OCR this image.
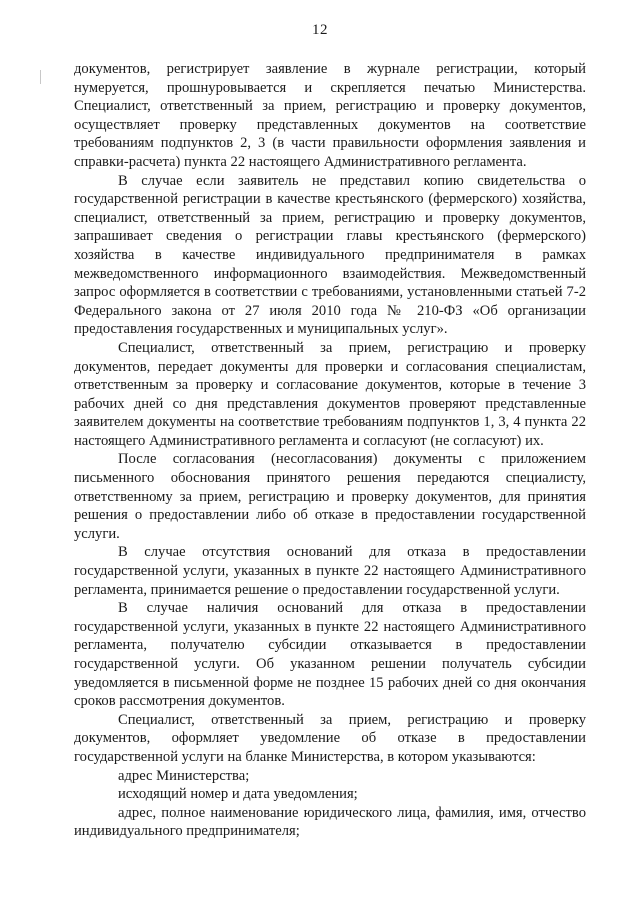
12

документов, регистрирует заявление в журнале регистрации, который нумеруется, прошнуровывается и скрепляется печатью Министерства. Специалист, ответственный за прием, регистрацию и проверку документов, осуществляет проверку представленных документов на соответствие требованиям подпунктов 2, 3 (в части правильности оформления заявления и справки-расчета) пункта 22 настоящего Административного регламента.

В случае если заявитель не представил копию свидетельства о государственной регистрации в качестве крестьянского (фермерского) хозяйства, специалист, ответственный за прием, регистрацию и проверку документов, запрашивает сведения о регистрации главы крестьянского (фермерского) хозяйства в качестве индивидуального предпринимателя в рамках межведомственного информационного взаимодействия. Межведомственный запрос оформляется в соответствии с требованиями, установленными статьей 7-2 Федерального закона от 27 июля 2010 года № 210-ФЗ «Об организации предоставления государственных и муниципальных услуг».

Специалист, ответственный за прием, регистрацию и проверку документов, передает документы для проверки и согласования специалистам, ответственным за проверку и согласование документов, которые в течение 3 рабочих дней со дня представления документов проверяют представленные заявителем документы на соответствие требованиям подпунктов 1, 3, 4 пункта 22 настоящего Административного регламента и согласуют (не согласуют) их.

После согласования (несогласования) документы с приложением письменного обоснования принятого решения передаются специалисту, ответственному за прием, регистрацию и проверку документов, для принятия решения о предоставлении либо об отказе в предоставлении государственной услуги.

В случае отсутствия оснований для отказа в предоставлении государственной услуги, указанных в пункте 22 настоящего Административного регламента, принимается решение о предоставлении государственной услуги.

В случае наличия оснований для отказа в предоставлении государственной услуги, указанных в пункте 22 настоящего Административного регламента, получателю субсидии отказывается в предоставлении государственной услуги. Об указанном решении получатель субсидии уведомляется в письменной форме не позднее 15 рабочих дней со дня окончания сроков рассмотрения документов.

Специалист, ответственный за прием, регистрацию и проверку документов, оформляет уведомление об отказе в предоставлении государственной услуги на бланке Министерства, в котором указываются:

адрес Министерства;

исходящий номер и дата уведомления;

адрес, полное наименование юридического лица, фамилия, имя, отчество индивидуального предпринимателя;
